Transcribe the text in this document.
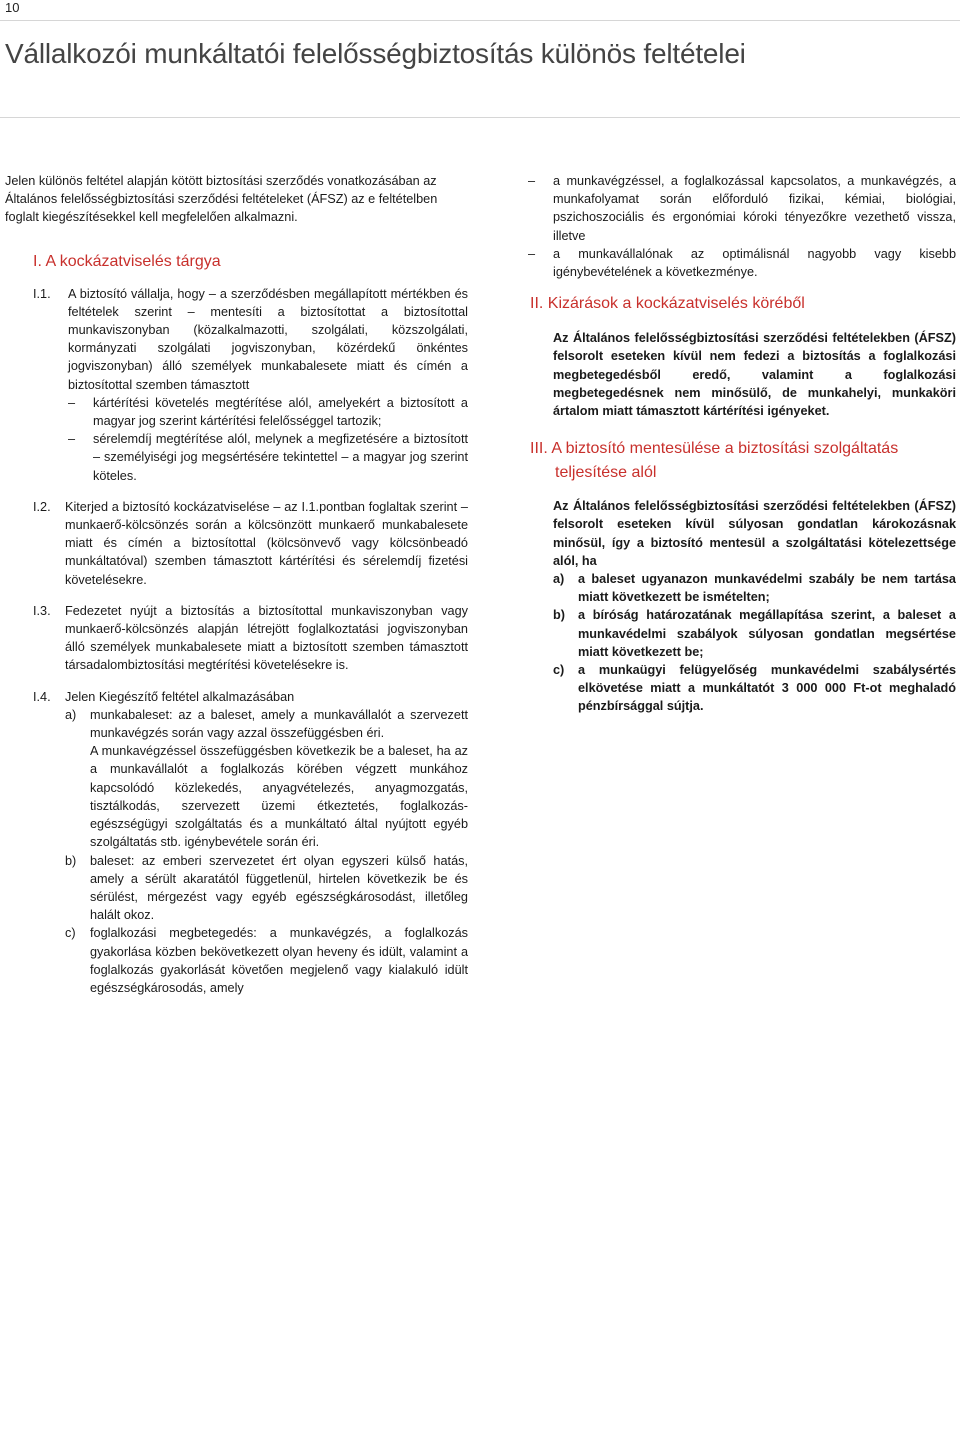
10
Vállalkozói munkáltatói felelősségbiztosítás különös feltételei

Jelen különös feltétel alapján kötött biztosítási szerződés vonatkozásában az Általános felelősségbiztosítási szerződési feltételeket (ÁFSZ) az e feltételben foglalt kiegészítésekkel kell megfelelően alkalmazni.

I. A kockázatviselés tárgya
I.1.	A biztosító vállalja, hogy – a szerződésben megállapított mértékben és feltételek szerint – mentesíti a biztosítottat a biztosítottal munkaviszonyban (közalkalmazotti, szolgálati, közszolgálati, kormányzati szolgálati jogviszonyban, közérdekű önkéntes jogviszonyban) álló személyek munkabalesete miatt és címén a biztosítottal szemben támasztott

–	kártérítési követelés megtérítése alól, amelyekért a biztosított a magyar jog szerint kártérítési felelősséggel tartozik;
–	sérelemdíj megtérítése alól, melynek a megfizetésére a biztosított – személyiségi jog megsértésére tekintettel – a magyar jog szerint köteles.
I.2.	Kiterjed a biztosító kockázatviselése – az I.1.pontban foglaltak szerint – munkaerő-kölcsönzés során a kölcsönzött munkaerő munkabalesete miatt és címén a biztosítottal (kölcsönvevő vagy kölcsönbeadó munkáltatóval) szemben támasztott kártérítési és sérelemdíj fizetési követelésekre.
I.3.	Fedezetet nyújt a biztosítás a biztosítottal munkaviszonyban vagy munkaerő-kölcsönzés alapján létrejött foglalkoztatási jogviszonyban álló személyek munkabalesete miatt a biztosított szemben támasztott társadalombiztosítási megtérítési követelésekre is.
I.4.	Jelen Kiegészítő feltétel alkalmazásában

a)	munkabaleset: az a baleset, amely a munkavállalót a szervezett munkavégzés során vagy azzal összefüggésben éri.
A munkavégzéssel összefüggésben következik be a baleset, ha az a munkavállalót a foglalkozás körében végzett munkához kapcsolódó közlekedés, anyagvételezés, anyagmozgatás, tisztálkodás, szervezett üzemi étkeztetés, foglalkozás-egészségügyi szolgáltatás és a munkáltató által nyújtott egyéb szolgáltatás stb. igénybevétele során éri.
b)	baleset: az emberi szervezetet ért olyan egyszeri külső hatás, amely a sérült akaratától függetlenül, hirtelen következik be és sérülést, mérgezést vagy egyéb egészségkárosodást, illetőleg halált okoz.
c)	foglalkozási megbetegedés: a munkavégzés, a foglalkozás gyakorlása közben bekövetkezett olyan heveny és idült, valamint a foglalkozás gyakorlását követően megjelenő vagy kialakuló idült egészségkárosodás, amely
–	a munkavégzéssel, a foglalkozással kapcsolatos, a munkavégzés, a munkafolyamat során előforduló fizikai, kémiai, biológiai, pszichoszociális és ergonómiai kóroki tényezőkre vezethető vissza, illetve
–	a munkavállalónak az optimálisnál nagyobb vagy kisebb igénybevételének a következménye.
II. Kizárások a kockázatviselés köréből

Az Általános felelősségbiztosítási szerződési feltételekben (ÁFSZ) felsorolt eseteken kívül nem fedezi a biztosítás a foglalkozási megbetegedésből eredő, valamint a foglalkozási megbetegedésnek nem minősülő, de munkahelyi, munkaköri ártalom miatt támasztott kártérítési igényeket.

III. A biztosító mentesülése a biztosítási szolgáltatás
teljesítése alól

Az Általános felelősségbiztosítási szerződési feltételekben (ÁFSZ) felsorolt eseteken kívül súlyosan gondatlan károkozásnak minősül, így a biztosító mentesül a szolgáltatási kötelezettsége alól, ha

a)	a baleset ugyanazon munkavédelmi szabály be nem tartása miatt következett be ismételten;
b)	a bíróság határozatának megállapítása szerint, a baleset a munkavédelmi szabályok súlyosan gondatlan megsértése miatt következett be;
c)	a munkaügyi felügyelőség munkavédelmi szabálysértés elkövetése miatt a munkáltatót 3 000 000 Ft-ot meghaladó pénzbírsággal sújtja.
